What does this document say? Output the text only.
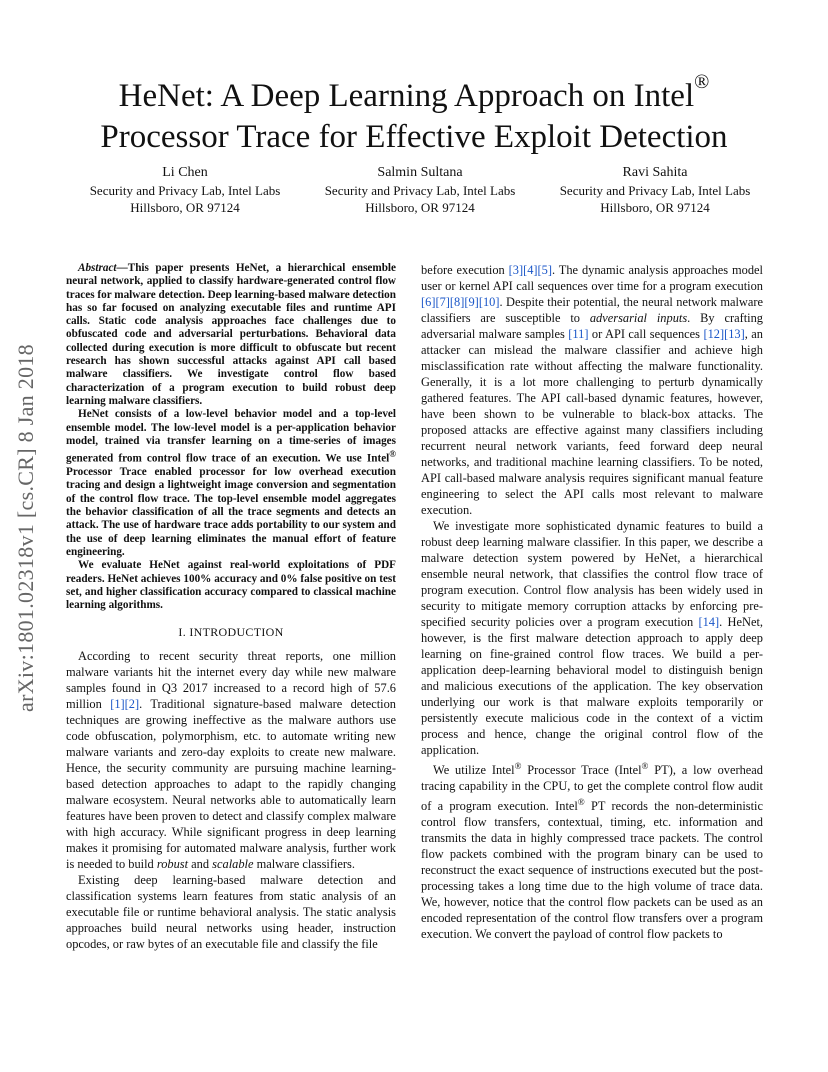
arXiv:1801.02318v1 [cs.CR] 8 Jan 2018
HeNet: A Deep Learning Approach on Intel®
Processor Trace for Effective Exploit Detection
Li Chen
Security and Privacy Lab, Intel Labs
Hillsboro, OR 97124
Salmin Sultana
Security and Privacy Lab, Intel Labs
Hillsboro, OR 97124
Ravi Sahita
Security and Privacy Lab, Intel Labs
Hillsboro, OR 97124

Abstract—This paper presents HeNet, a hierarchical ensemble neural network, applied to classify hardware-generated control flow traces for malware detection. Deep learning-based malware detection has so far focused on analyzing executable files and runtime API calls. Static code analysis approaches face challenges due to obfuscated code and adversarial perturbations. Behavioral data collected during execution is more difficult to obfuscate but recent research has shown successful attacks against API call based malware classifiers. We investigate control flow based characterization of a program execution to build robust deep learning malware classifiers.

HeNet consists of a low-level behavior model and a top-level ensemble model. The low-level model is a per-application behavior model, trained via transfer learning on a time-series of images generated from control flow trace of an execution. We use Intel® Processor Trace enabled processor for low overhead execution tracing and design a lightweight image conversion and segmentation of the control flow trace. The top-level ensemble model aggregates the behavior classification of all the trace segments and detects an attack. The use of hardware trace adds portability to our system and the use of deep learning eliminates the manual effort of feature engineering.

We evaluate HeNet against real-world exploitations of PDF readers. HeNet achieves 100% accuracy and 0% false positive on test set, and higher classification accuracy compared to classical machine learning algorithms.

I. INTRODUCTION

According to recent security threat reports, one million malware variants hit the internet every day while new malware samples found in Q3 2017 increased to a record high of 57.6 million [1][2]. Traditional signature-based malware detection techniques are growing ineffective as the malware authors use code obfuscation, polymorphism, etc. to automate writing new malware variants and zero-day exploits to create new malware. Hence, the security community are pursuing machine learning-based detection approaches to adapt to the rapidly changing malware ecosystem. Neural networks able to automatically learn features have been proven to detect and classify complex malware with high accuracy. While significant progress in deep learning makes it promising for automated malware analysis, further work is needed to build robust and scalable malware classifiers.

Existing deep learning-based malware detection and classification systems learn features from static analysis of an executable file or runtime behavioral analysis. The static analysis approaches build neural networks using header, instruction opcodes, or raw bytes of an executable file and classify the file

before execution [3][4][5]. The dynamic analysis approaches model user or kernel API call sequences over time for a program execution [6][7][8][9][10]. Despite their potential, the neural network malware classifiers are susceptible to adversarial inputs. By crafting adversarial malware samples [11] or API call sequences [12][13], an attacker can mislead the malware classifier and achieve high misclassification rate without affecting the malware functionality. Generally, it is a lot more challenging to perturb dynamically gathered features. The API call-based dynamic features, however, have been shown to be vulnerable to black-box attacks. The proposed attacks are effective against many classifiers including recurrent neural network variants, feed forward deep neural networks, and traditional machine learning classifiers. To be noted, API call-based malware analysis requires significant manual feature engineering to select the API calls most relevant to malware execution.

We investigate more sophisticated dynamic features to build a robust deep learning malware classifier. In this paper, we describe a malware detection system powered by HeNet, a hierarchical ensemble neural network, that classifies the control flow trace of program execution. Control flow analysis has been widely used in security to mitigate memory corruption attacks by enforcing pre-specified security policies over a program execution [14]. HeNet, however, is the first malware detection approach to apply deep learning on fine-grained control flow traces. We build a per-application deep-learning behavioral model to distinguish benign and malicious executions of the application. The key observation underlying our work is that malware exploits temporarily or persistently execute malicious code in the context of a victim process and hence, change the original control flow of the application.

We utilize Intel® Processor Trace (Intel® PT), a low overhead tracing capability in the CPU, to get the complete control flow audit of a program execution. Intel® PT records the non-deterministic control flow transfers, contextual, timing, etc. information and transmits the data in highly compressed trace packets. The control flow packets combined with the program binary can be used to reconstruct the exact sequence of instructions executed but the post-processing takes a long time due to the high volume of trace data. We, however, notice that the control flow packets can be used as an encoded representation of the control flow transfers over a program execution. We convert the payload of control flow packets to
